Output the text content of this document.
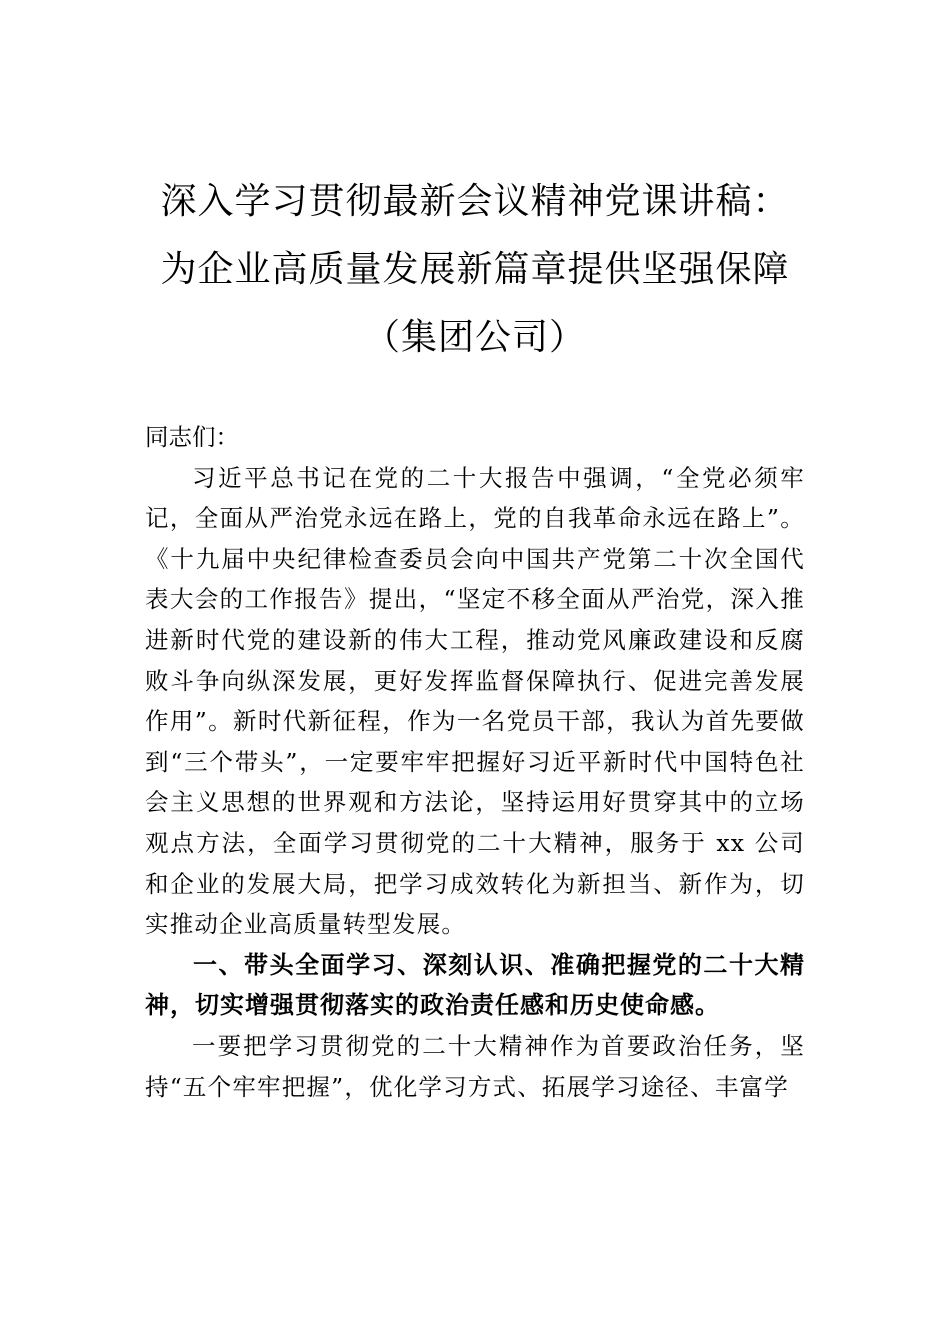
深入学习贯彻最新会议精神党课讲稿：
为企业高质量发展新篇章提供坚强保障
（集团公司）

同志们：

习近平总书记在党的二十大报告中强调，“全党必须牢记，全面从严治党永远在路上，党的自我革命永远在路上”。《十九届中央纪律检查委员会向中国共产党第二十次全国代表大会的工作报告》提出，“坚定不移全面从严治党，深入推进新时代党的建设新的伟大工程，推动党风廉政建设和反腐败斗争向纵深发展，更好发挥监督保障执行、促进完善发展作用”。新时代新征程，作为一名党员干部，我认为首先要做到“三个带头”，一定要牢牢把握好习近平新时代中国特色社会主义思想的世界观和方法论，坚持运用好贯穿其中的立场观点方法，全面学习贯彻党的二十大精神，服务于 xx 公司和企业的发展大局，把学习成效转化为新担当、新作为，切实推动企业高质量转型发展。

一、带头全面学习、深刻认识、准确把握党的二十大精神，切实增强贯彻落实的政治责任感和历史使命感。

一要把学习贯彻党的二十大精神作为首要政治任务，坚持“五个牢牢把握”，优化学习方式、拓展学习途径、丰富学
